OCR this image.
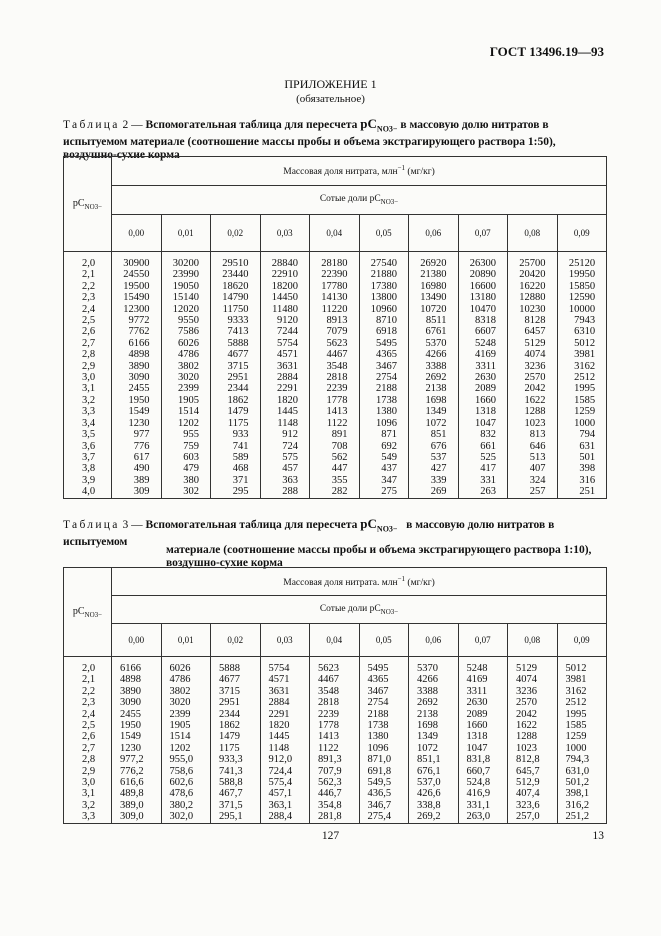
ГОСТ 13496.19—93
ПРИЛОЖЕНИЕ 1
(обязательное)
Таблица 2 — Вспомогательная таблица для пересчета $pC_{NO3-}$ в массовую долю нитратов в испытуемом материале (соотношение массы пробы и объема экстрагирующего раствора 1:50), воздушно-сухие корма
$pC_{NO3-}$	Массовая доля нитрата, млн$^{-1}$ (мг/кг)									
	Сотые доли $pC_{NO3-}$
	0,00	0,01	0,02	0,03	0,04	0,05	0,06	0,07	0,08	0,09
2,0	30900	30200	29510	28840	28180	27540	26920	26300	25700	25120
2,1	24550	23990	23440	22910	22390	21880	21380	20890	20420	19950
2,2	19500	19050	18620	18200	17780	17380	16980	16600	16220	15850
2,3	15490	15140	14790	14450	14130	13800	13490	13180	12880	12590
2,4	12300	12020	11750	11480	11220	10960	10720	10470	10230	10000
2,5	9772	9550	9333	9120	8913	8710	8511	8318	8128	7943
2,6	7762	7586	7413	7244	7079	6918	6761	6607	6457	6310
2,7	6166	6026	5888	5754	5623	5495	5370	5248	5129	5012
2,8	4898	4786	4677	4571	4467	4365	4266	4169	4074	3981
2,9	3890	3802	3715	3631	3548	3467	3388	3311	3236	3162
3,0	3090	3020	2951	2884	2818	2754	2692	2630	2570	2512
3,1	2455	2399	2344	2291	2239	2188	2138	2089	2042	1995
3,2	1950	1905	1862	1820	1778	1738	1698	1660	1622	1585
3,3	1549	1514	1479	1445	1413	1380	1349	1318	1288	1259
3,4	1230	1202	1175	1148	1122	1096	1072	1047	1023	1000
3,5	977	955	933	912	891	871	851	832	813	794
3,6	776	759	741	724	708	692	676	661	646	631
3,7	617	603	589	575	562	549	537	525	513	501
3,8	490	479	468	457	447	437	427	417	407	398
3,9	389	380	371	363	355	347	339	331	324	316
4,0	309	302	295	288	282	275	269	263	257	251
Таблица 3 — Вспомогательная таблица для пересчета $pC_{NO3-}$ в массовую долю нитратов в испытуемом
материале (соотношение массы пробы и объема экстрагирующего раствора 1:10), воздушно-сухие корма
$pC_{NO3-}$	Массовая доля нитрата. млн$^{-1}$ (мг/кг)									
	Сотые доли $pC_{NO3-}$
	0,00	0,01	0,02	0,03	0,04	0,05	0,06	0,07	0,08	0,09
2,0	6166	6026	5888	5754	5623	5495	5370	5248	5129	5012
2,1	4898	4786	4677	4571	4467	4365	4266	4169	4074	3981
2,2	3890	3802	3715	3631	3548	3467	3388	3311	3236	3162
2,3	3090	3020	2951	2884	2818	2754	2692	2630	2570	2512
2,4	2455	2399	2344	2291	2239	2188	2138	2089	2042	1995
2,5	1950	1905	1862	1820	1778	1738	1698	1660	1622	1585
2,6	1549	1514	1479	1445	1413	1380	1349	1318	1288	1259
2,7	1230	1202	1175	1148	1122	1096	1072	1047	1023	1000
2,8	977,2	955,0	933,3	912,0	891,3	871,0	851,1	831,8	812,8	794,3
2,9	776,2	758,6	741,3	724,4	707,9	691,8	676,1	660,7	645,7	631,0
3,0	616,6	602,6	588,8	575,4	562,3	549,5	537,0	524,8	512,9	501,2
3,1	489,8	478,6	467,7	457,1	446,7	436,5	426,6	416,9	407,4	398,1
3,2	389,0	380,2	371,5	363,1	354,8	346,7	338,8	331,1	323,6	316,2
3,3	309,0	302,0	295,1	288,4	281,8	275,4	269,2	263,0	257,0	251,2
127	13
